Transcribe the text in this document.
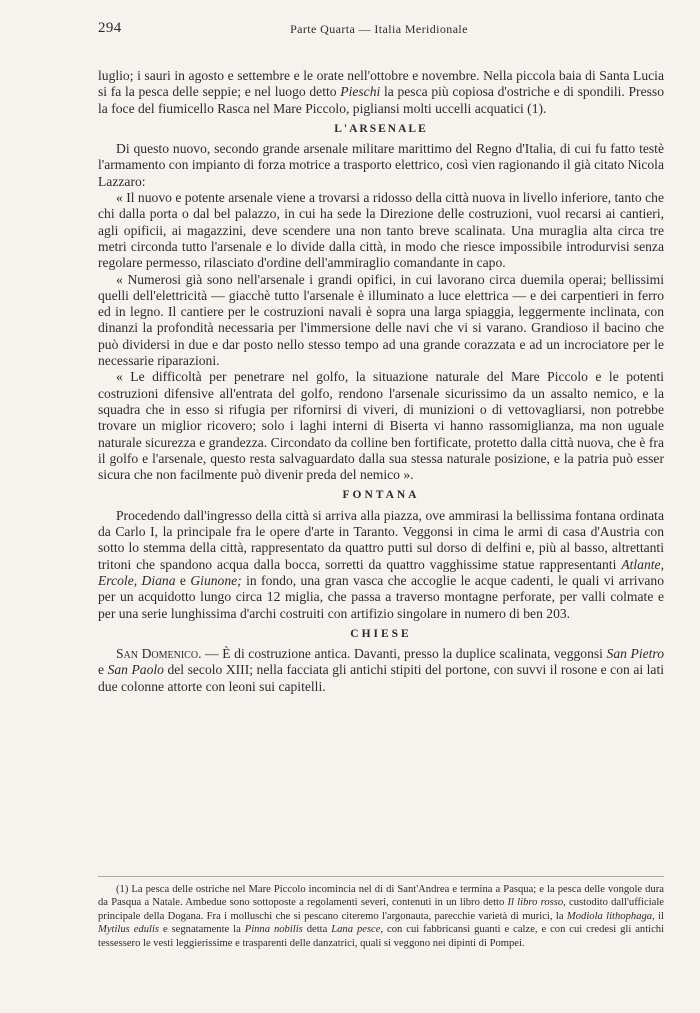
294	Parte Quarta — Italia Meridionale

luglio; i sauri in agosto e settembre e le orate nell'ottobre e novembre. Nella piccola baia di Santa Lucia si fa la pesca delle seppie; e nel luogo detto Pieschi la pesca più copiosa d'ostriche e di spondili. Presso la foce del fiumicello Rasca nel Mare Piccolo, pigliansi molti uccelli acquatici (1).

L'ARSENALE

Di questo nuovo, secondo grande arsenale militare marittimo del Regno d'Italia, di cui fu fatto testè l'armamento con impianto di forza motrice a trasporto elettrico, così vien ragionando il già citato Nicola Lazzaro:

« Il nuovo e potente arsenale viene a trovarsi a ridosso della città nuova in livello inferiore, tanto che chi dalla porta o dal bel palazzo, in cui ha sede la Direzione delle costruzioni, vuol recarsi ai cantieri, agli opificii, ai magazzini, deve scendere una non tanto breve scalinata. Una muraglia alta circa tre metri circonda tutto l'arsenale e lo divide dalla città, in modo che riesce impossibile introdurvisi senza regolare permesso, rilasciato d'ordine dell'ammiraglio comandante in capo.

« Numerosi già sono nell'arsenale i grandi opifici, in cui lavorano circa duemila operai; bellissimi quelli dell'elettricità — giacchè tutto l'arsenale è illuminato a luce elettrica — e dei carpentieri in ferro ed in legno. Il cantiere per le costruzioni navali è sopra una larga spiaggia, leggermente inclinata, con dinanzi la profondità necessaria per l'immersione delle navi che vi si varano. Grandioso il bacino che può dividersi in due e dar posto nello stesso tempo ad una grande corazzata e ad un incrociatore per le necessarie riparazioni.

« Le difficoltà per penetrare nel golfo, la situazione naturale del Mare Piccolo e le potenti costruzioni difensive all'entrata del golfo, rendono l'arsenale sicurissimo da un assalto nemico, e la squadra che in esso si rifugia per rifornirsi di viveri, di munizioni o di vettovagliarsi, non potrebbe trovare un miglior ricovero; solo i laghi interni di Biserta vi hanno rassomiglianza, ma non uguale naturale sicurezza e grandezza. Circondato da colline ben fortificate, protetto dalla città nuova, che è fra il golfo e l'arsenale, questo resta salvaguardato dalla sua stessa naturale posizione, e la patria può esser sicura che non facilmente può divenir preda del nemico ».

FONTANA

Procedendo dall'ingresso della città si arriva alla piazza, ove ammirasi la bellissima fontana ordinata da Carlo I, la principale fra le opere d'arte in Taranto. Veggonsi in cima le armi di casa d'Austria con sotto lo stemma della città, rappresentato da quattro putti sul dorso di delfini e, più al basso, altrettanti tritoni che spandono acqua dalla bocca, sorretti da quattro vagghissime statue rappresentanti Atlante, Ercole, Diana e Giunone; in fondo, una gran vasca che accoglie le acque cadenti, le quali vi arrivano per un acquidotto lungo circa 12 miglia, che passa a traverso montagne perforate, per valli colmate e per una serie lunghissima d'archi costruiti con artifizio singolare in numero di ben 203.

CHIESE

San Domenico. — È di costruzione antica. Davanti, presso la duplice scalinata, veggonsi San Pietro e San Paolo del secolo XIII; nella facciata gli antichi stipiti del portone, con suvvi il rosone e con ai lati due colonne attorte con leoni sui capitelli.

(1) La pesca delle ostriche nel Mare Piccolo incomincia nel di di Sant'Andrea e termina a Pasqua; e la pesca delle vongole dura da Pasqua a Natale. Ambedue sono sottoposte a regolamenti severi, contenuti in un libro detto Il libro rosso, custodito dall'ufficiale principale della Dogana. Fra i molluschi che si pescano citeremo l'argonauta, parecchie varietà di murici, la Modiola lithophaga, il Mytilus edulis e segnatamente la Pinna nobilis detta Lana pesce, con cui fabbricansi guanti e calze, e con cui credesi gli antichi tessessero le vesti leggierissime e trasparenti delle danzatrici, quali si veggono nei dipinti di Pompei.
